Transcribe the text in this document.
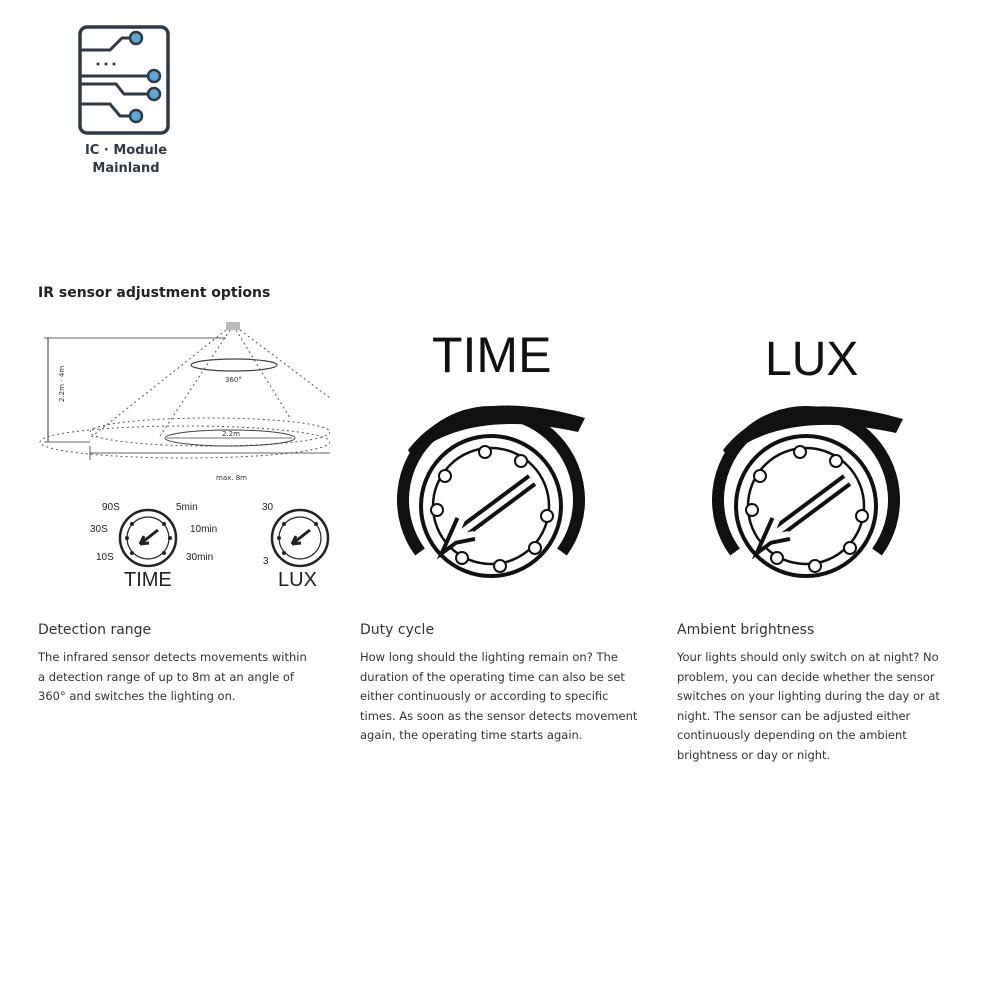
IC · Module
Mainland
IR sensor adjustment options
2.2m - 4m	360°
2.2m
max. 8m
90S	5min
30S	10min
10S	30min
TIME
30
3
LUX
TIME	LUX
Detection range
The infrared sensor detects movements within
a detection range of up to 8m at an angle of
360° and switches the lighting on.
Duty cycle
How long should the lighting remain on? The
duration of the operating time can also be set
either continuously or according to specific
times. As soon as the sensor detects movement
again, the operating time starts again.
Ambient brightness
Your lights should only switch on at night? No
problem, you can decide whether the sensor
switches on your lighting during the day or at
night. The sensor can be adjusted either
continuously depending on the ambient
brightness or day or night.
